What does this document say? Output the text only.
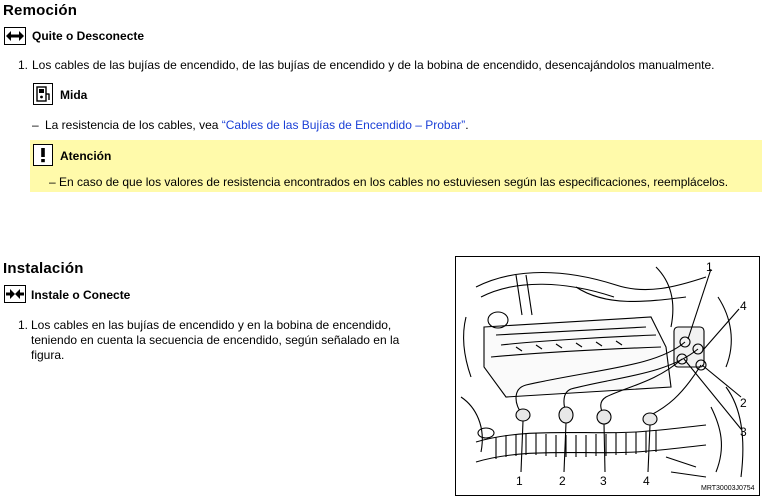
Remoción
Quite o Desconecte
1. Los cables de las bujías de encendido, de las bujías de encendido y de la bobina de encendido, desencajándolos manualmente.
Mida
– La resistencia de los cables, vea “Cables de las Bujías de Encendido – Probar”.
Atención
– En caso de que los valores de resistencia encontrados en los cables no estuviesen según las especificaciones, reemplácelos.
Instalación
Instale o Conecte
1. Los cables en las bujías de encendido y en la bobina de encendido,
teniendo en cuenta la secuencia de encendido, según señalado en la
figura.
1
4
2
3
1	2	3	4
MRT30003J0754
